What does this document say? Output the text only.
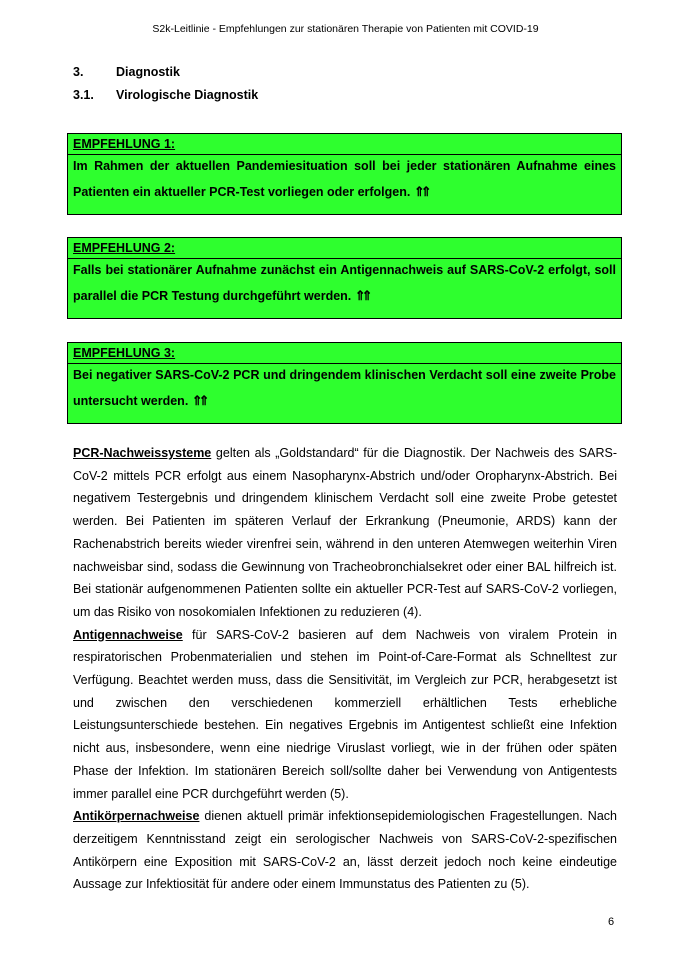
S2k-Leitlinie - Empfehlungen zur stationären Therapie von Patienten mit COVID-19
3.	Diagnostik
3.1. Virologische Diagnostik
EMPFEHLUNG 1:
Im Rahmen der aktuellen Pandemiesituation soll bei jeder stationären Aufnahme eines Patienten ein aktueller PCR-Test vorliegen oder erfolgen. ⇑⇑
EMPFEHLUNG 2:
Falls bei stationärer Aufnahme zunächst ein Antigennachweis auf SARS-CoV-2 erfolgt, soll parallel die PCR Testung durchgeführt werden. ⇑⇑
EMPFEHLUNG 3:
Bei negativer SARS-CoV-2 PCR und dringendem klinischen Verdacht soll eine zweite Probe untersucht werden. ⇑⇑

PCR-Nachweissysteme gelten als „Goldstandard“ für die Diagnostik. Der Nachweis des SARS-CoV-2 mittels PCR erfolgt aus einem Nasopharynx-Abstrich und/oder Oropharynx-Abstrich. Bei negativem Testergebnis und dringendem klinischem Verdacht soll eine zweite Probe getestet werden. Bei Patienten im späteren Verlauf der Erkrankung (Pneumonie, ARDS) kann der Rachenabstrich bereits wieder virenfrei sein, während in den unteren Atemwegen weiterhin Viren nachweisbar sind, sodass die Gewinnung von Tracheobronchialsekret oder einer BAL hilfreich ist. Bei stationär aufgenommenen Patienten sollte ein aktueller PCR-Test auf SARS-CoV-2 vorliegen, um das Risiko von nosokomialen Infektionen zu reduzieren (4).

Antigennachweise für SARS-CoV-2 basieren auf dem Nachweis von viralem Protein in respiratorischen Probenmaterialien und stehen im Point-of-Care-Format als Schnelltest zur Verfügung. Beachtet werden muss, dass die Sensitivität, im Vergleich zur PCR, herabgesetzt ist und zwischen den verschiedenen kommerziell erhältlichen Tests erhebliche Leistungsunterschiede bestehen. Ein negatives Ergebnis im Antigentest schließt eine Infektion nicht aus, insbesondere, wenn eine niedrige Viruslast vorliegt, wie in der frühen oder späten Phase der Infektion. Im stationären Bereich soll/sollte daher bei Verwendung von Antigentests immer parallel eine PCR durchgeführt werden (5).

Antikörpernachweise dienen aktuell primär infektionsepidemiologischen Fragestellungen. Nach derzeitigem Kenntnisstand zeigt ein serologischer Nachweis von SARS-CoV-2-spezifischen Antikörpern eine Exposition mit SARS-CoV-2 an, lässt derzeit jedoch noch keine eindeutige Aussage zur Infektiosität für andere oder einem Immunstatus des Patienten zu (5).

6
